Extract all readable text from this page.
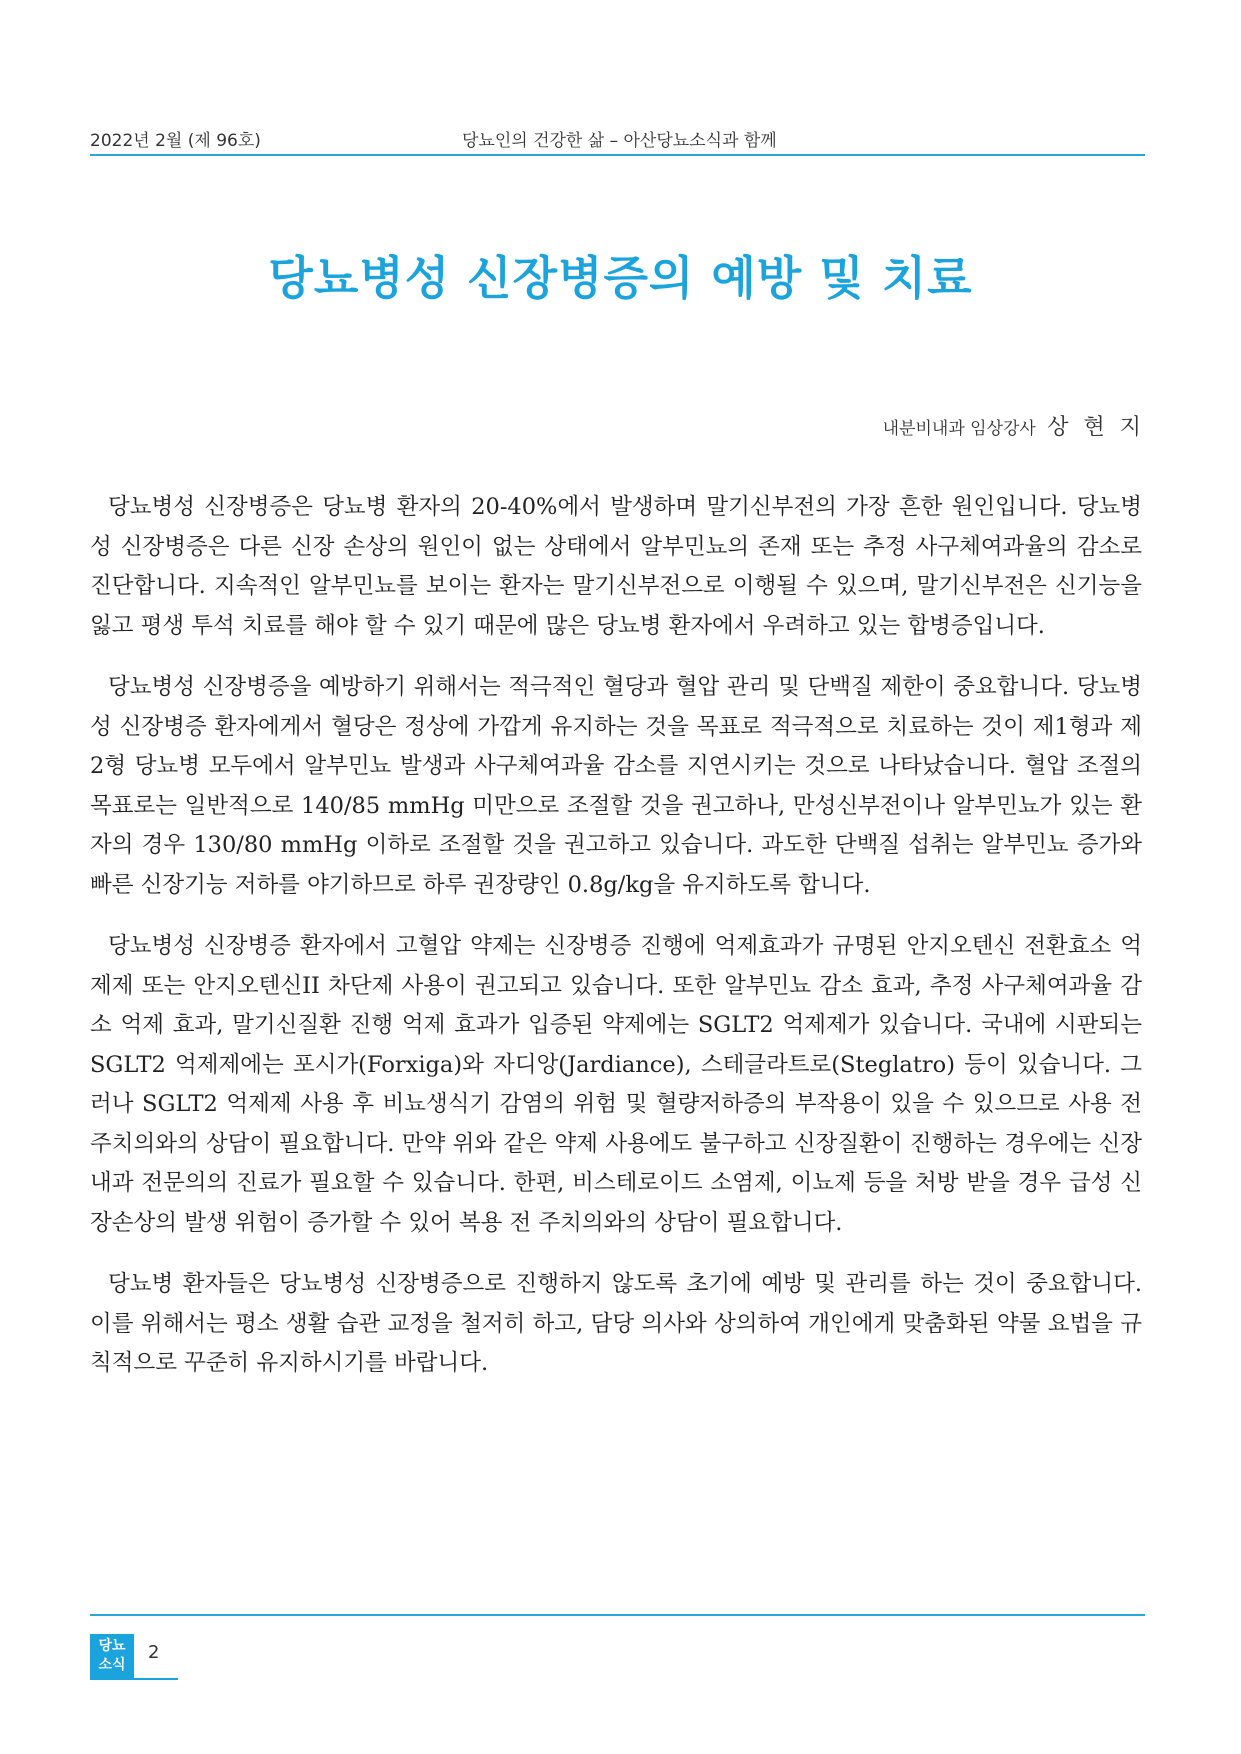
2022년 2월 (제 96호)	당뇨인의 건강한 삶 – 아산당뇨소식과 함께
당뇨병성 신장병증의 예방 및 치료
내분비내과 임상강사 상 현 지

당뇨병성 신장병증은 당뇨병 환자의 20-40%에서 발생하며 말기신부전의 가장 흔한 원인입니다. 당뇨병성 신장병증은 다른 신장 손상의 원인이 없는 상태에서 알부민뇨의 존재 또는 추정 사구체여과율의 감소로 진단합니다. 지속적인 알부민뇨를 보이는 환자는 말기신부전으로 이행될 수 있으며, 말기신부전은 신기능을 잃고 평생 투석 치료를 해야 할 수 있기 때문에 많은 당뇨병 환자에서 우려하고 있는 합병증입니다.

당뇨병성 신장병증을 예방하기 위해서는 적극적인 혈당과 혈압 관리 및 단백질 제한이 중요합니다. 당뇨병성 신장병증 환자에게서 혈당은 정상에 가깝게 유지하는 것을 목표로 적극적으로 치료하는 것이 제1형과 제2형 당뇨병 모두에서 알부민뇨 발생과 사구체여과율 감소를 지연시키는 것으로 나타났습니다. 혈압 조절의 목표로는 일반적으로 140/85 mmHg 미만으로 조절할 것을 권고하나, 만성신부전이나 알부민뇨가 있는 환자의 경우 130/80 mmHg 이하로 조절할 것을 권고하고 있습니다. 과도한 단백질 섭취는 알부민뇨 증가와 빠른 신장기능 저하를 야기하므로 하루 권장량인 0.8g/kg을 유지하도록 합니다.

당뇨병성 신장병증 환자에서 고혈압 약제는 신장병증 진행에 억제효과가 규명된 안지오텐신 전환효소 억제제 또는 안지오텐신II 차단제 사용이 권고되고 있습니다. 또한 알부민뇨 감소 효과, 추정 사구체여과율 감소 억제 효과, 말기신질환 진행 억제 효과가 입증된 약제에는 SGLT2 억제제가 있습니다. 국내에 시판되는 SGLT2 억제제에는 포시가(Forxiga)와 자디앙(Jardiance), 스테글라트로(Steglatro) 등이 있습니다. 그러나 SGLT2 억제제 사용 후 비뇨생식기 감염의 위험 및 혈량저하증의 부작용이 있을 수 있으므로 사용 전 주치의와의 상담이 필요합니다. 만약 위와 같은 약제 사용에도 불구하고 신장질환이 진행하는 경우에는 신장내과 전문의의 진료가 필요할 수 있습니다. 한편, 비스테로이드 소염제, 이뇨제 등을 처방 받을 경우 급성 신장손상의 발생 위험이 증가할 수 있어 복용 전 주치의와의 상담이 필요합니다.

당뇨병 환자들은 당뇨병성 신장병증으로 진행하지 않도록 초기에 예방 및 관리를 하는 것이 중요합니다. 이를 위해서는 평소 생활 습관 교정을 철저히 하고, 담당 의사와 상의하여 개인에게 맞춤화된 약물 요법을 규칙적으로 꾸준히 유지하시기를 바랍니다.

당뇨
소식
2
